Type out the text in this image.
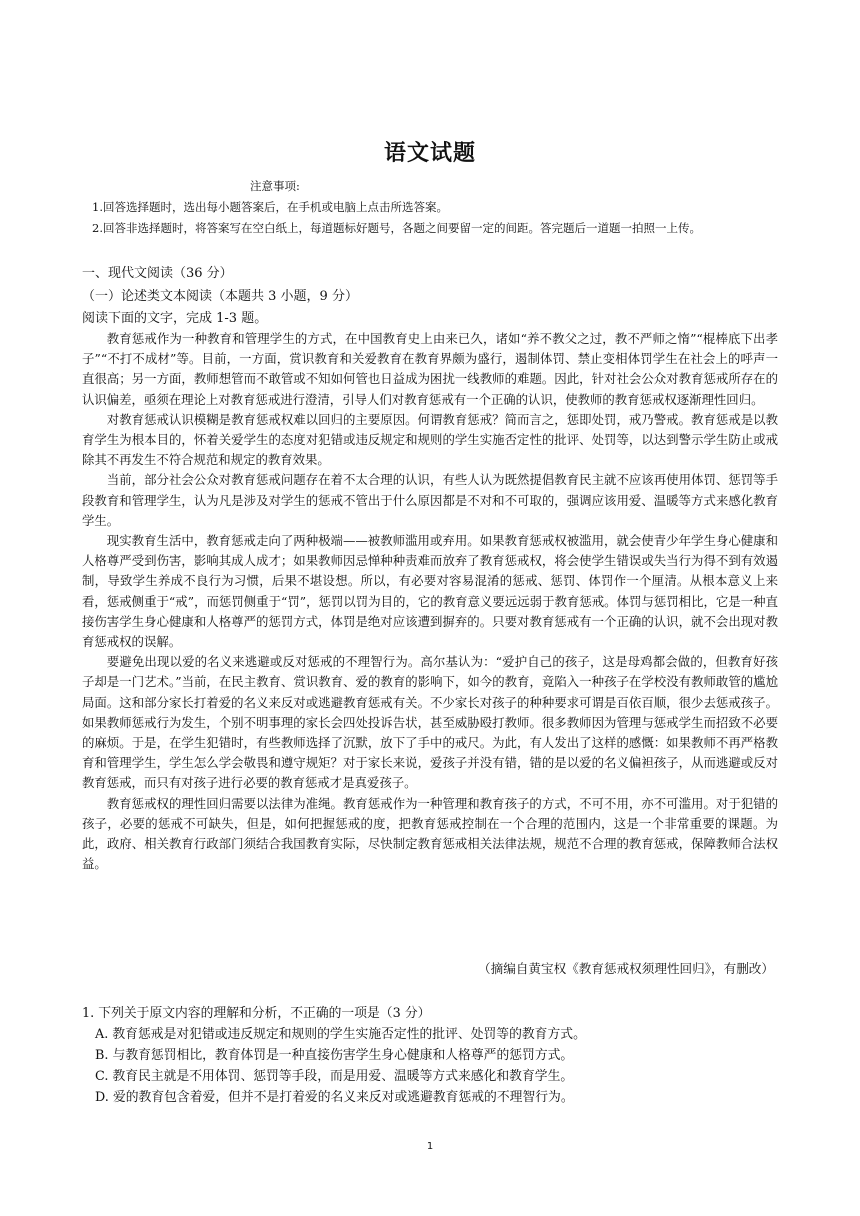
语文试题
注意事项:
1.回答选择题时，选出每小题答案后，在手机或电脑上点击所选答案。
2.回答非选择题时，将答案写在空白纸上，每道题标好题号，各题之间要留一定的间距。答完题后一道题一拍照一上传。
一、现代文阅读（36 分）
（一）论述类文本阅读（本题共 3 小题，9 分）
阅读下面的文字，完成 1-3 题。

教育惩戒作为一种教育和管理学生的方式，在中国教育史上由来已久，诸如“养不教父之过，教不严师之惰”“棍棒底下出孝子”“不打不成材”等。目前，一方面，赏识教育和关爱教育在教育界颇为盛行，遏制体罚、禁止变相体罚学生在社会上的呼声一直很高；另一方面，教师想管而不敢管或不知如何管也日益成为困扰一线教师的难题。因此，针对社会公众对教育惩戒所存在的认识偏差，亟须在理论上对教育惩戒进行澄清，引导人们对教育惩戒有一个正确的认识，使教师的教育惩戒权逐渐理性回归。

对教育惩戒认识模糊是教育惩戒权难以回归的主要原因。何谓教育惩戒？简而言之，惩即处罚，戒乃警戒。教育惩戒是以教育学生为根本目的，怀着关爱学生的态度对犯错或违反规定和规则的学生实施否定性的批评、处罚等，以达到警示学生防止或戒除其不再发生不符合规范和规定的教育效果。

当前，部分社会公众对教育惩戒问题存在着不太合理的认识，有些人认为既然提倡教育民主就不应该再使用体罚、惩罚等手段教育和管理学生，认为凡是涉及对学生的惩戒不管出于什么原因都是不对和不可取的，强调应该用爱、温暖等方式来感化教育学生。

现实教育生活中，教育惩戒走向了两种极端——被教师滥用或弃用。如果教育惩戒权被滥用，就会使青少年学生身心健康和人格尊严受到伤害，影响其成人成才；如果教师因忌惮种种责难而放弃了教育惩戒权，将会使学生错误或失当行为得不到有效遏制，导致学生养成不良行为习惯，后果不堪设想。所以，有必要对容易混淆的惩戒、惩罚、体罚作一个厘清。从根本意义上来看，惩戒侧重于“戒”，而惩罚侧重于“罚”，惩罚以罚为目的，它的教育意义要远远弱于教育惩戒。体罚与惩罚相比，它是一种直接伤害学生身心健康和人格尊严的惩罚方式，体罚是绝对应该遭到摒弃的。只要对教育惩戒有一个正确的认识，就不会出现对教育惩戒权的误解。

要避免出现以爱的名义来逃避或反对惩戒的不理智行为。高尔基认为：“爱护自己的孩子，这是母鸡都会做的，但教育好孩子却是一门艺术。”当前，在民主教育、赏识教育、爱的教育的影响下，如今的教育，竟陷入一种孩子在学校没有教师敢管的尴尬局面。这和部分家长打着爱的名义来反对或逃避教育惩戒有关。不少家长对孩子的种种要求可谓是百依百顺，很少去惩戒孩子。如果教师惩戒行为发生，个别不明事理的家长会四处投诉告状，甚至威胁殴打教师。很多教师因为管理与惩戒学生而招致不必要的麻烦。于是，在学生犯错时，有些教师选择了沉默，放下了手中的戒尺。为此，有人发出了这样的感慨：如果教师不再严格教育和管理学生，学生怎么学会敬畏和遵守规矩？对于家长来说，爱孩子并没有错，错的是以爱的名义偏袒孩子，从而逃避或反对教育惩戒，而只有对孩子进行必要的教育惩戒才是真爱孩子。

教育惩戒权的理性回归需要以法律为准绳。教育惩戒作为一种管理和教育孩子的方式，不可不用，亦不可滥用。对于犯错的孩子，必要的惩戒不可缺失，但是，如何把握惩戒的度，把教育惩戒控制在一个合理的范围内，这是一个非常重要的课题。为此，政府、相关教育行政部门须结合我国教育实际，尽快制定教育惩戒相关法律法规，规范不合理的教育惩戒，保障教师合法权益。

（摘编自黄宝权《教育惩戒权须理性回归》，有删改）
1. 下列关于原文内容的理解和分析，不正确的一项是（3 分）
A. 教育惩戒是对犯错或违反规定和规则的学生实施否定性的批评、处罚等的教育方式。
B. 与教育惩罚相比，教育体罚是一种直接伤害学生身心健康和人格尊严的惩罚方式。
C. 教育民主就是不用体罚、惩罚等手段，而是用爱、温暖等方式来感化和教育学生。
D. 爱的教育包含着爱，但并不是打着爱的名义来反对或逃避教育惩戒的不理智行为。
1
